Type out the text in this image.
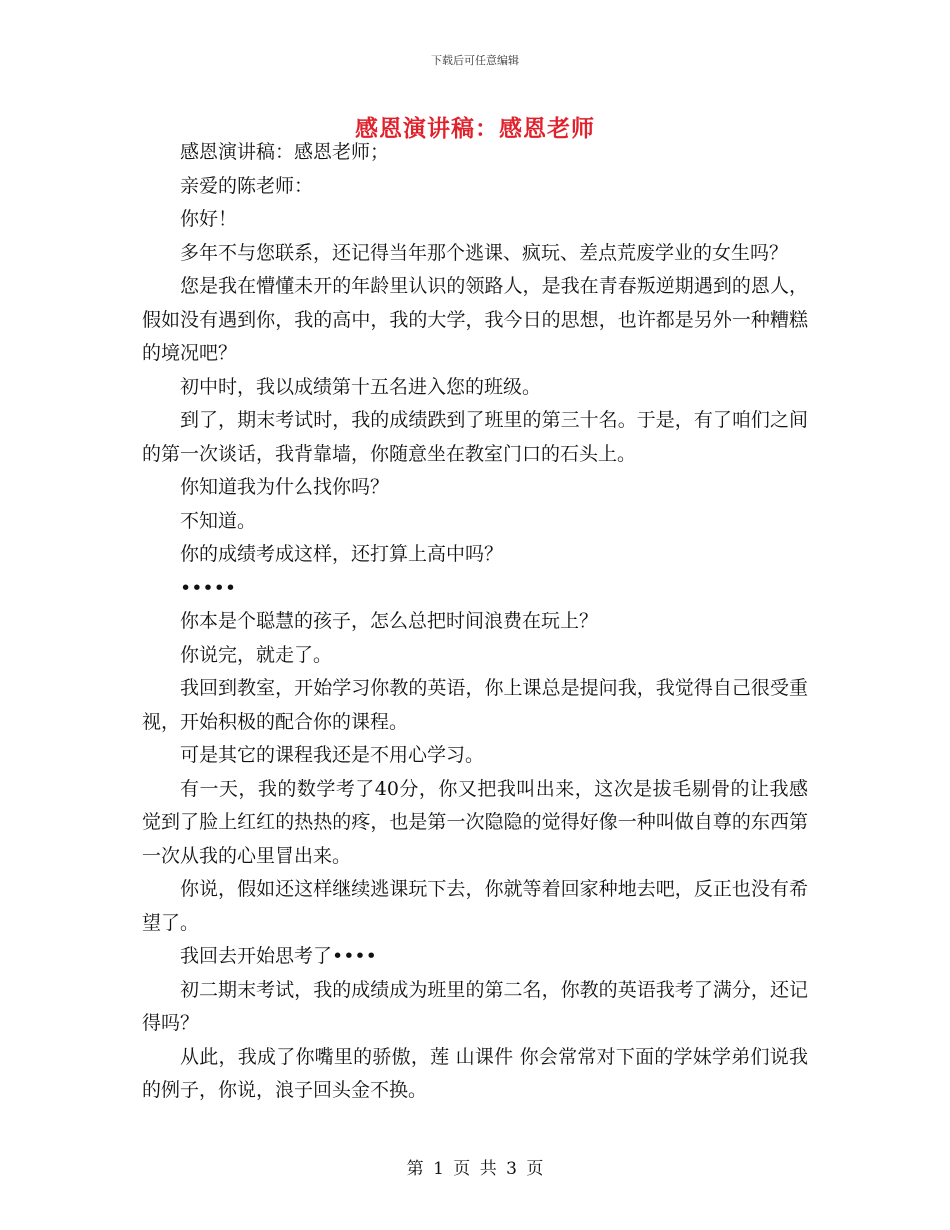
下载后可任意编辑
感恩演讲稿：感恩老师

感恩演讲稿：感恩老师；

亲爱的陈老师：

你好！

多年不与您联系，还记得当年那个逃课、疯玩、差点荒废学业的女生吗？

您是我在懵懂未开的年龄里认识的领路人，是我在青春叛逆期遇到的恩人，假如没有遇到你，我的高中，我的大学，我今日的思想，也许都是另外一种糟糕的境况吧？

初中时，我以成绩第十五名进入您的班级。

到了，期末考试时，我的成绩跌到了班里的第三十名。于是，有了咱们之间的第一次谈话，我背靠墙，你随意坐在教室门口的石头上。

你知道我为什么找你吗？

不知道。

你的成绩考成这样，还打算上高中吗？

•••••

你本是个聪慧的孩子，怎么总把时间浪费在玩上？

你说完，就走了。

我回到教室，开始学习你教的英语，你上课总是提问我，我觉得自己很受重视，开始积极的配合你的课程。

可是其它的课程我还是不用心学习。

有一天，我的数学考了40分，你又把我叫出来，这次是拔毛剔骨的让我感觉到了脸上红红的热热的疼，也是第一次隐隐的觉得好像一种叫做自尊的东西第一次从我的心里冒出来。

你说，假如还这样继续逃课玩下去，你就等着回家种地去吧，反正也没有希望了。

我回去开始思考了••••

初二期末考试，我的成绩成为班里的第二名，你教的英语我考了满分，还记得吗？

从此，我成了你嘴里的骄傲，莲 山课件 你会常常对下面的学妹学弟们说我的例子，你说，浪子回头金不换。

第 1 页 共 3 页
